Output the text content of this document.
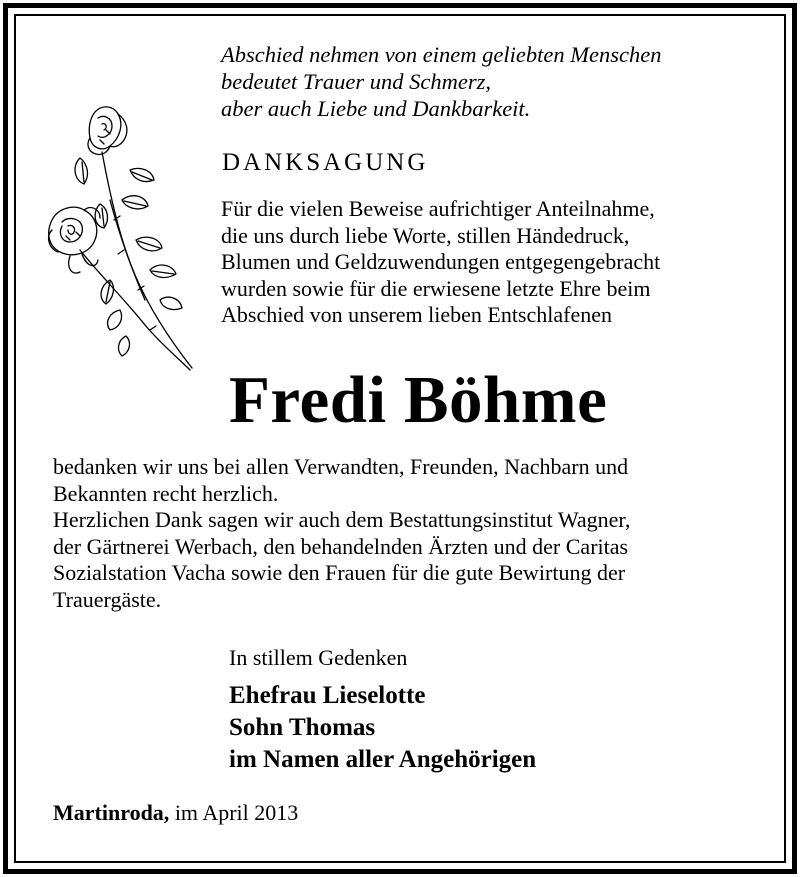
Abschied nehmen von einem geliebten Menschen
bedeutet Trauer und Schmerz,
aber auch Liebe und Dankbarkeit.
DANKSAGUNG
Für die vielen Beweise aufrichtiger Anteilnahme,
die uns durch liebe Worte, stillen Händedruck,
Blumen und Geldzuwendungen entgegengebracht
wurden sowie für die erwiesene letzte Ehre beim
Abschied von unserem lieben Entschlafenen
Fredi Böhme
bedanken wir uns bei allen Verwandten, Freunden, Nachbarn und
Bekannten recht herzlich.
Herzlichen Dank sagen wir auch dem Bestattungsinstitut Wagner,
der Gärtnerei Werbach, den behandelnden Ärzten und der Caritas
Sozialstation Vacha sowie den Frauen für die gute Bewirtung der
Trauergäste.
In stillem Gedenken
Ehefrau Lieselotte
Sohn Thomas
im Namen aller Angehörigen
Martinroda, im April 2013
